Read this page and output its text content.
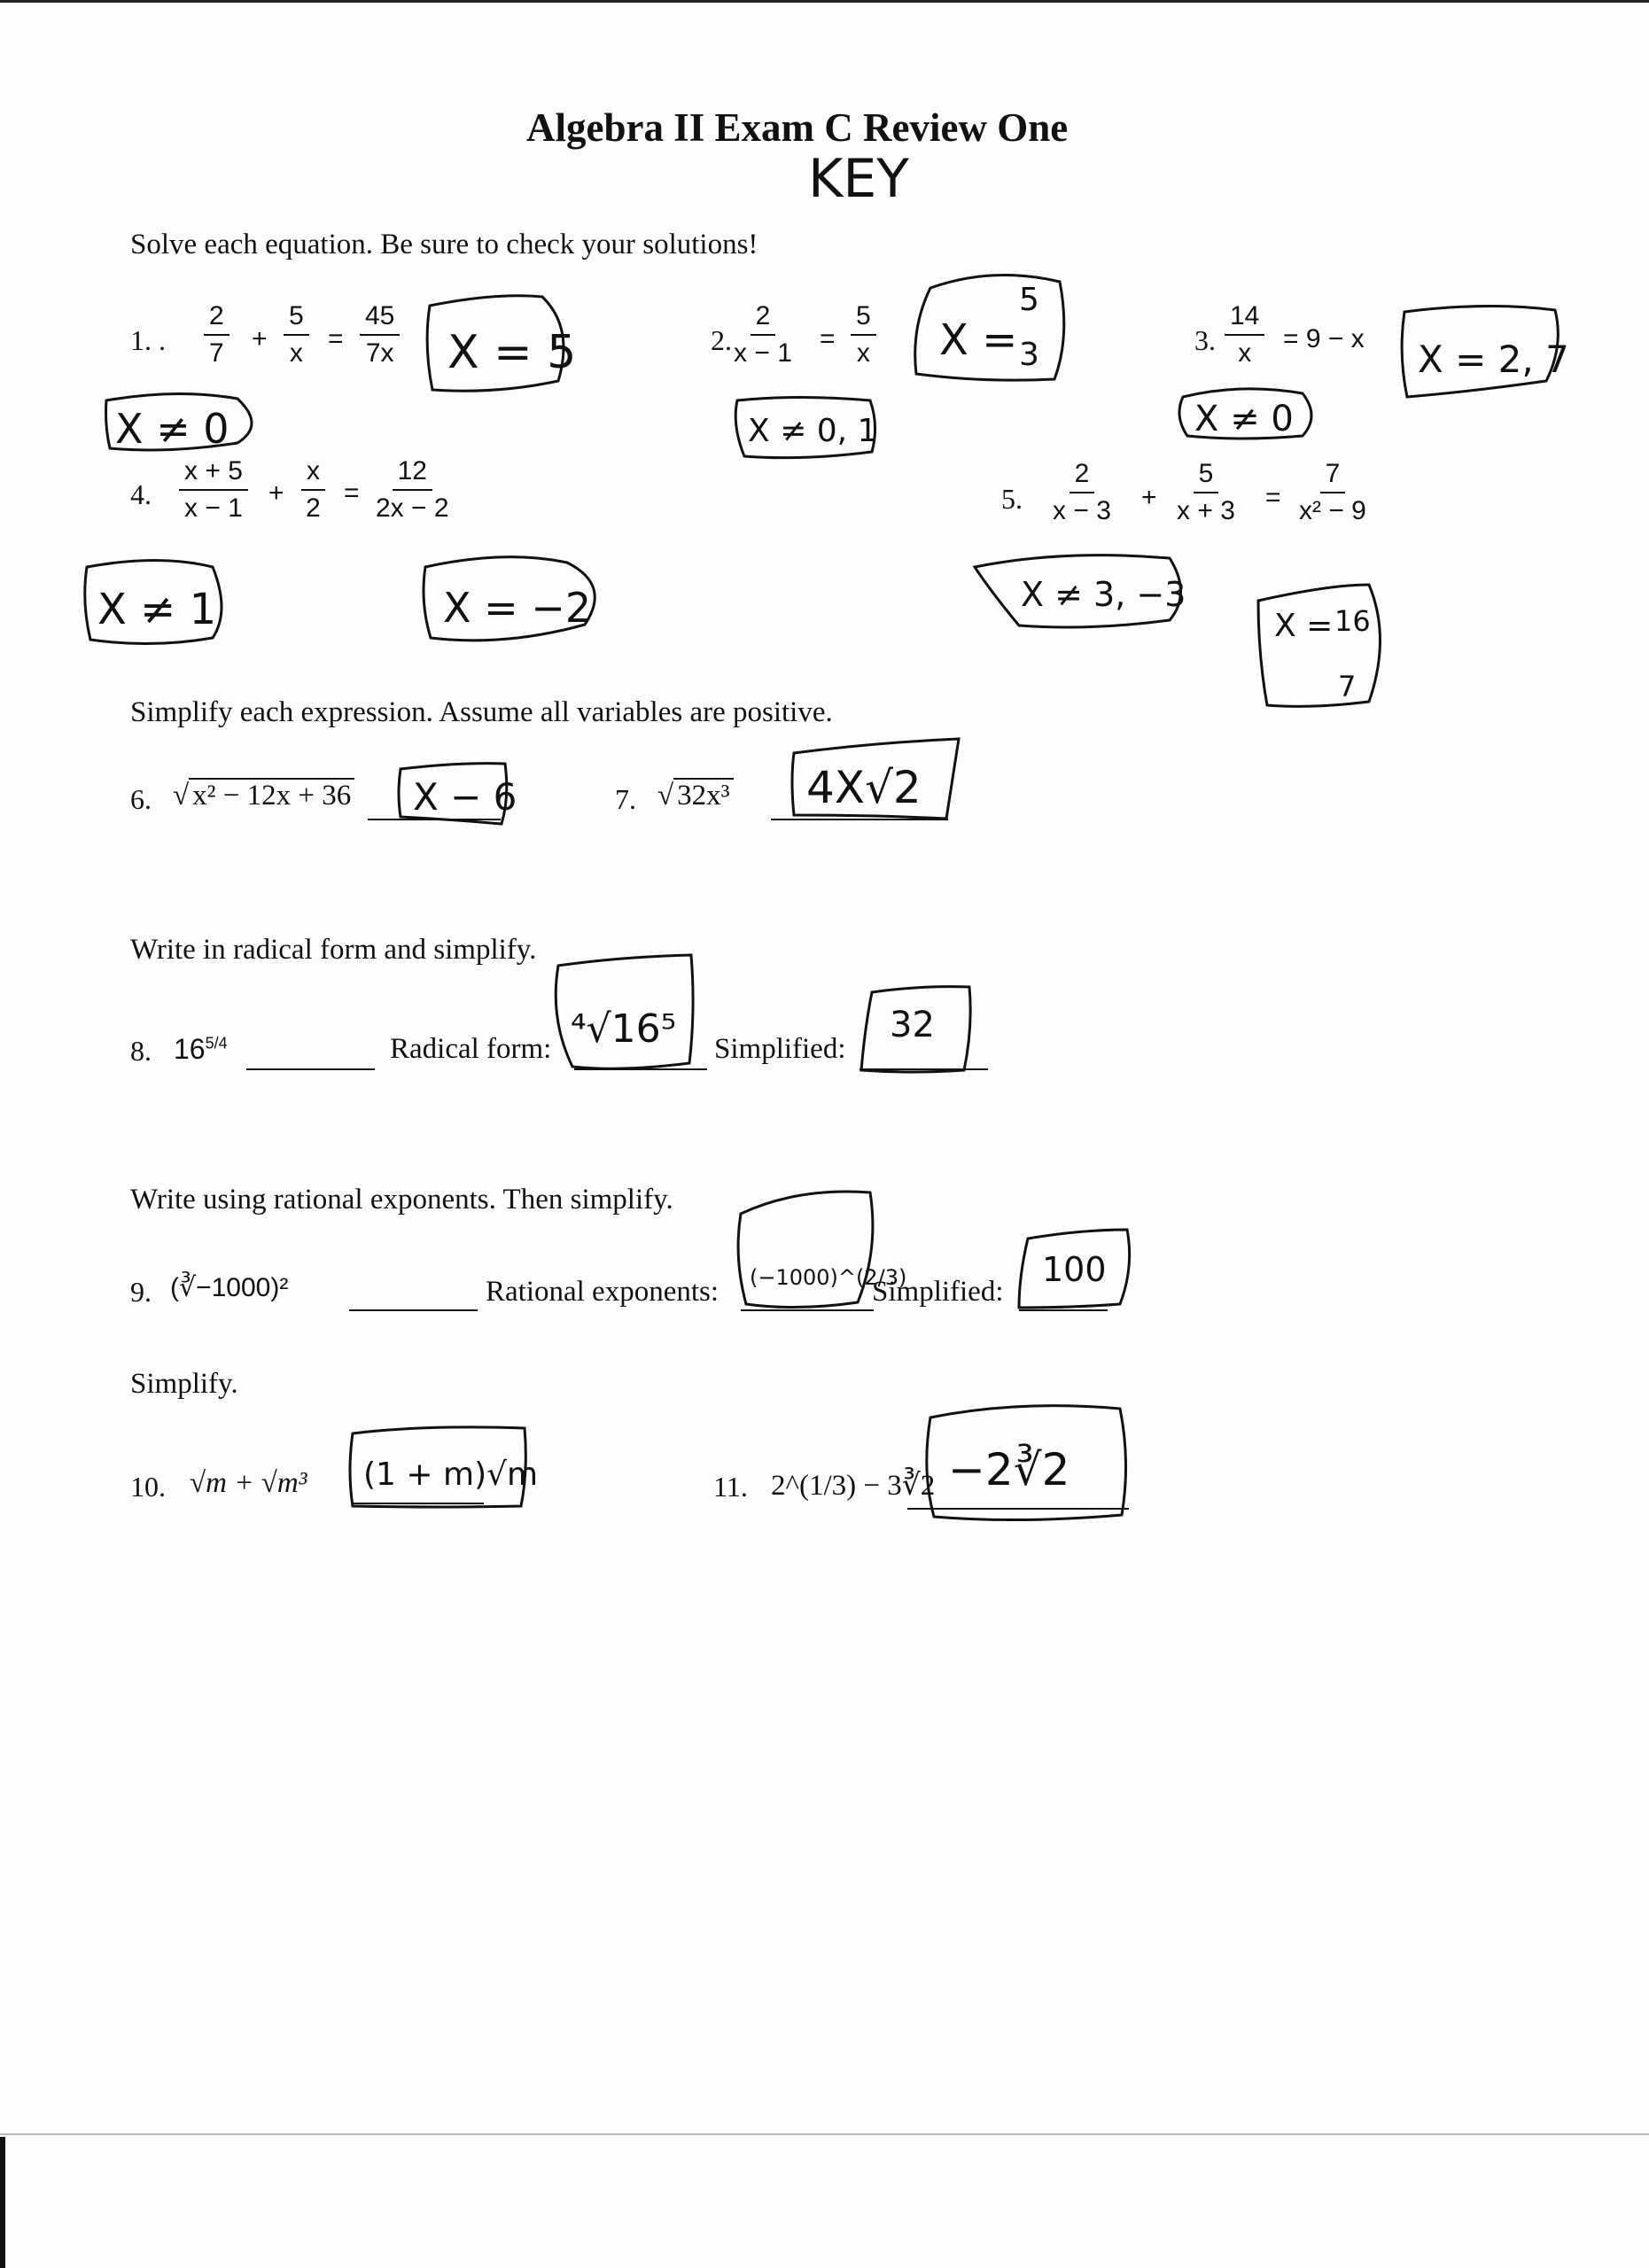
Algebra II Exam C Review One
Solve each equation. Be sure to check your solutions!
1. . $\frac{2}{7} + \frac{5}{x} = \frac{45}{7x}$	2. $\frac{2}{x - 1} = \frac{5}{x}$	3. $\frac{14}{x} = 9 - x$
4. $\frac{x + 5}{x - 1} + \frac{x}{2} = \frac{12}{2x - 2}$	5. $\frac{2}{x - 3} + \frac{5}{x + 3} = \frac{7}{\text{x² − 9}}$
Simplify each expression. Assume all variables are positive.
6. √ x² − 12x + 36	7. √ 32x³
Write in radical form and simplify.
8. $16^{5/4}$	Radical form:	Simplified:
Write using rational exponents. Then simplify.
9. (∛−1000)²	Rational exponents:	Simplified:
Simplify.
10. √m + √m³	11. 2^(1/3) − 3∛2
KEY
X = 5
X ≠ 0
X =
5
3
X ≠ 0, 1
X = 2, 7
X ≠ 0
X ≠ 1	X = −2	X ≠ 3, −3
X = 16
7
X − 6	4X√2
⁴√16⁵	32
(−1000)^(2/3)	100
(1 + m)√m	−2∛2
